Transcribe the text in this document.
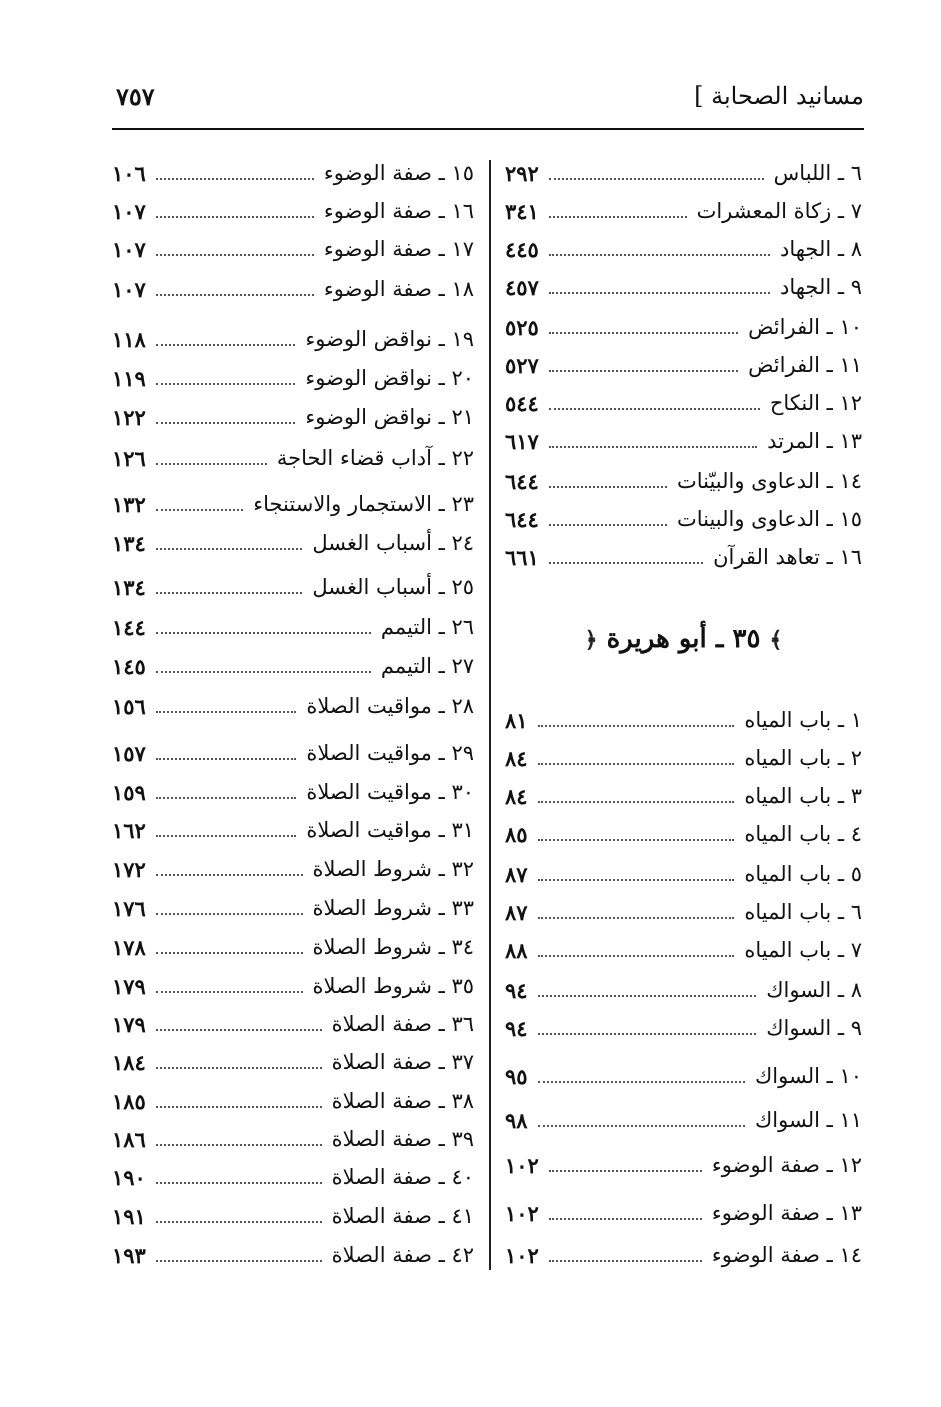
مسانيد الصحابة ]
٧٥٧
٦ ـ اللباس
٢٩٢
٧ ـ زكاة المعشرات
٣٤١
٨ ـ الجهاد
٤٤٥
٩ ـ الجهاد
٤٥٧
١٠ ـ الفرائض
٥٢٥
١١ ـ الفرائض
٥٢٧
١٢ ـ النكاح
٥٤٤
١٣ ـ المرتد
٦١٧
١٤ ـ الدعاوى والبيّنات
٦٤٤
١٥ ـ الدعاوى والبينات
٦٤٤
١٦ ـ تعاهد القرآن
٦٦١
﴾ ٣٥ ـ أبو هريرة ﴿
١ ـ باب المياه
٨١
٢ ـ باب المياه
٨٤
٣ ـ باب المياه
٨٤
٤ ـ باب المياه
٨٥
٥ ـ باب المياه
٨٧
٦ ـ باب المياه
٨٧
٧ ـ باب المياه
٨٨
٨ ـ السواك
٩٤
٩ ـ السواك
٩٤
١٠ ـ السواك
٩٥
١١ ـ السواك
٩٨
١٢ ـ صفة الوضوء
١٠٢
١٣ ـ صفة الوضوء
١٠٢
١٤ ـ صفة الوضوء
١٠٢
١٥ ـ صفة الوضوء
١٠٦
١٦ ـ صفة الوضوء
١٠٧
١٧ ـ صفة الوضوء
١٠٧
١٨ ـ صفة الوضوء
١٠٧
١٩ ـ نواقض الوضوء
١١٨
٢٠ ـ نواقض الوضوء
١١٩
٢١ ـ نواقض الوضوء
١٢٢
٢٢ ـ آداب قضاء الحاجة
١٢٦
٢٣ ـ الاستجمار والاستنجاء
١٣٢
٢٤ ـ أسباب الغسل
١٣٤
٢٥ ـ أسباب الغسل
١٣٤
٢٦ ـ التيمم
١٤٤
٢٧ ـ التيمم
١٤٥
٢٨ ـ مواقيت الصلاة
١٥٦
٢٩ ـ مواقيت الصلاة
١٥٧
٣٠ ـ مواقيت الصلاة
١٥٩
٣١ ـ مواقيت الصلاة
١٦٢
٣٢ ـ شروط الصلاة
١٧٢
٣٣ ـ شروط الصلاة
١٧٦
٣٤ ـ شروط الصلاة
١٧٨
٣٥ ـ شروط الصلاة
١٧٩
٣٦ ـ صفة الصلاة
١٧٩
٣٧ ـ صفة الصلاة
١٨٤
٣٨ ـ صفة الصلاة
١٨٥
٣٩ ـ صفة الصلاة
١٨٦
٤٠ ـ صفة الصلاة
١٩٠
٤١ ـ صفة الصلاة
١٩١
٤٢ ـ صفة الصلاة
١٩٣
